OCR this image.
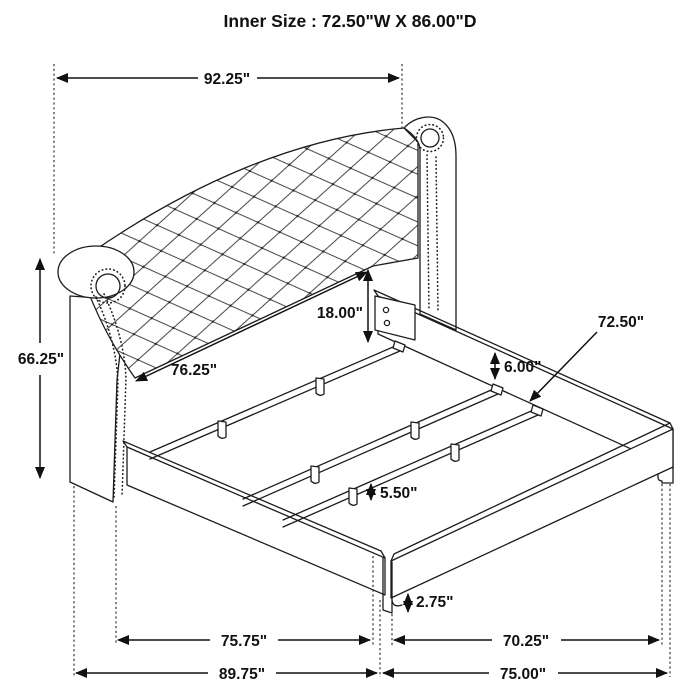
92.25"
66.25"
76.25"
18.00"
72.50"
6.00"
5.50"
2.75"
75.75"
89.75"
70.25"
75.00"
Inner Size : 72.50"W X 86.00"D
